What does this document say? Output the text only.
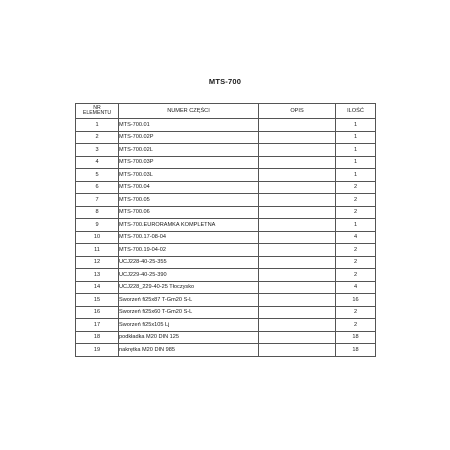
MTS-700
NR
ELEMENTU	NUMER CZĘŚCI	OPIS	ILOŚĆ
1	MTS-700.01		1
2	MTS-700.02P		1
3	MTS-700.02L		1
4	MTS-700.03P		1
5	MTS-700.03L		1
6	MTS-700.04		2
7	MTS-700.05		2
8	MTS-700.06		2
9	MTS-700.EURORAMKA KOMPLETNA		1
10	MTS-700.17-08-04		4
11	MTS-700.19-04-02		2
12	UCJ228-40-25-355		2
13	UCJ229-40-25-390		2
14	UCJ228_229-40-25 Tłoczysko		4
15	Sworzeń fi25x87 T-Gm20 S-L		16
16	Sworzeń fi25x60 T-Gm20 S-L		2
17	Sworzeń fi25x105 Lj		2
18	podkładka M20 DIN 125		18
19	nakrętka M20 DIN 985		18
